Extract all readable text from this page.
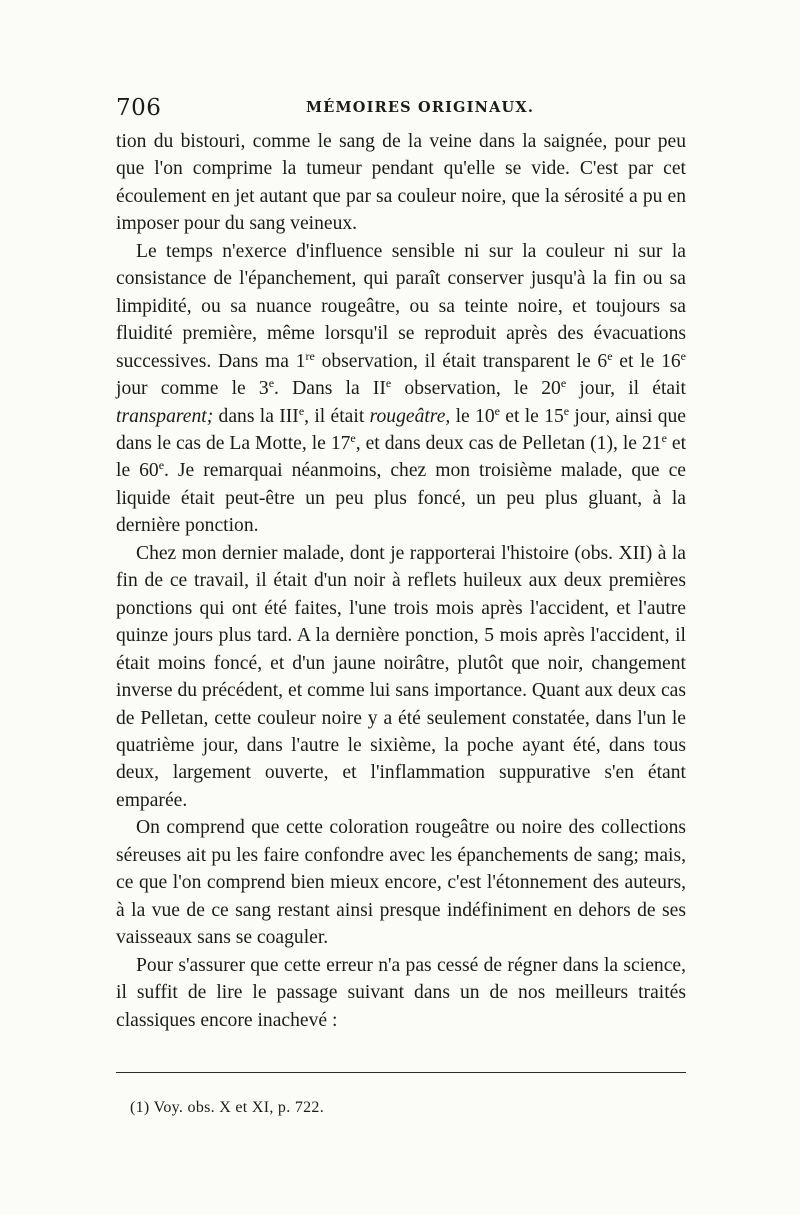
706	MÉMOIRES ORIGINAUX.

tion du bistouri, comme le sang de la veine dans la saignée, pour peu que l'on comprime la tumeur pendant qu'elle se vide. C'est par cet écoulement en jet autant que par sa couleur noire, que la sérosité a pu en imposer pour du sang veineux.

Le temps n'exerce d'influence sensible ni sur la couleur ni sur la consistance de l'épanchement, qui paraît conserver jusqu'à la fin ou sa limpidité, ou sa nuance rougeâtre, ou sa teinte noire, et toujours sa fluidité première, même lorsqu'il se reproduit après des évacuations successives. Dans ma 1re observation, il était transparent le 6e et le 16e jour comme le 3e. Dans la IIe observation, le 20e jour, il était transparent; dans la IIIe, il était rougeâtre, le 10e et le 15e jour, ainsi que dans le cas de La Motte, le 17e, et dans deux cas de Pelletan (1), le 21e et le 60e. Je remarquai néanmoins, chez mon troisième malade, que ce liquide était peut-être un peu plus foncé, un peu plus gluant, à la dernière ponction.

Chez mon dernier malade, dont je rapporterai l'histoire (obs. XII) à la fin de ce travail, il était d'un noir à reflets huileux aux deux premières ponctions qui ont été faites, l'une trois mois après l'accident, et l'autre quinze jours plus tard. A la dernière ponction, 5 mois après l'accident, il était moins foncé, et d'un jaune noirâtre, plutôt que noir, changement inverse du précédent, et comme lui sans importance. Quant aux deux cas de Pelletan, cette couleur noire y a été seulement constatée, dans l'un le quatrième jour, dans l'autre le sixième, la poche ayant été, dans tous deux, largement ouverte, et l'inflammation suppurative s'en étant emparée.

On comprend que cette coloration rougeâtre ou noire des collections séreuses ait pu les faire confondre avec les épanchements de sang; mais, ce que l'on comprend bien mieux encore, c'est l'étonnement des auteurs, à la vue de ce sang restant ainsi presque indéfiniment en dehors de ses vaisseaux sans se coaguler.

Pour s'assurer que cette erreur n'a pas cessé de régner dans la science, il suffit de lire le passage suivant dans un de nos meilleurs traités classiques encore inachevé :

(1) Voy. obs. X et XI, p. 722.
